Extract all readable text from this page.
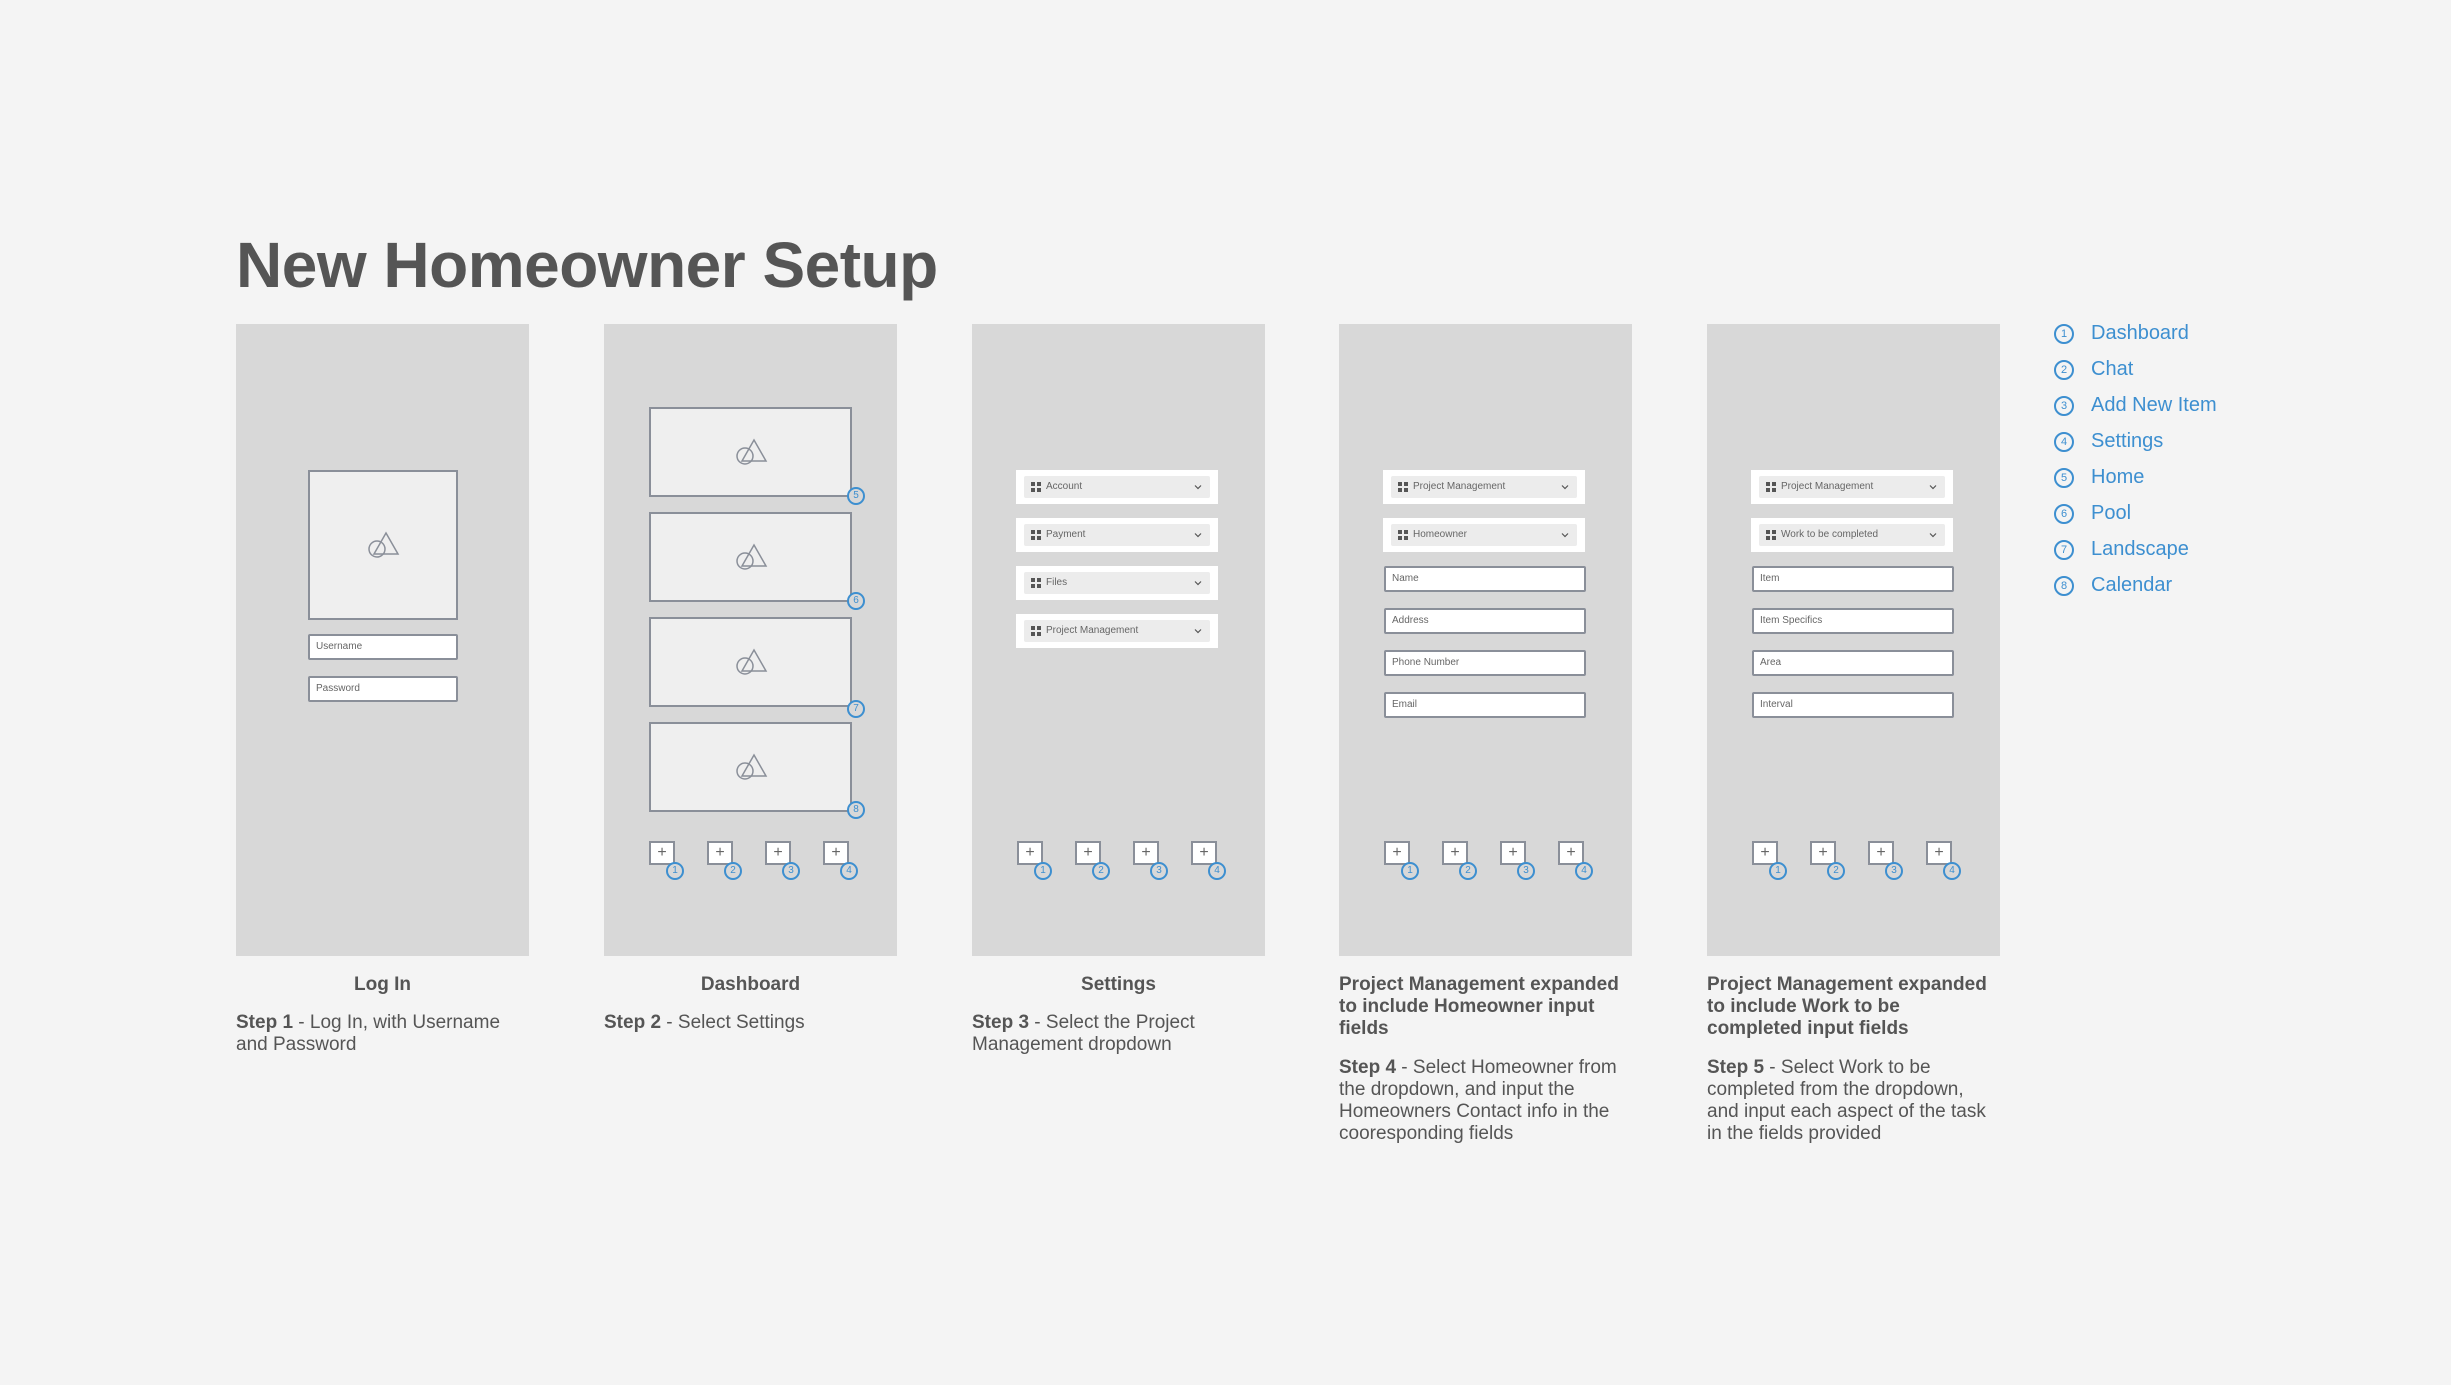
New Homeowner Setup
Username
Password
Log In
Step 1 - Log In, with Username and Password
5
6
7
8
+
1
+
2
+
3
+
4
Dashboard
Step 2 - Select Settings
Account
Payment
Files
Project Management
+
1
+
2
+
3
+
4
Settings
Step 3 - Select the Project Management dropdown
Project Management
Homeowner
Name
Address
Phone Number
Email
+
1
+
2
+
3
+
4
Project Management expanded to include Homeowner input fields
Step 4 - Select Homeowner from the dropdown, and input the Homeowners Contact info in the cooresponding fields
Project Management
Work to be completed
Item
Item Specifics
Area
Interval
+
1
+
2
+
3
+
4
Project Management expanded to include Work to be completed input fields
Step 5 - Select Work to be completed from the dropdown, and input each aspect of the task in the fields provided
1	Dashboard
2	Chat
3	Add New Item
4	Settings
5	Home
6	Pool
7	Landscape
8	Calendar
